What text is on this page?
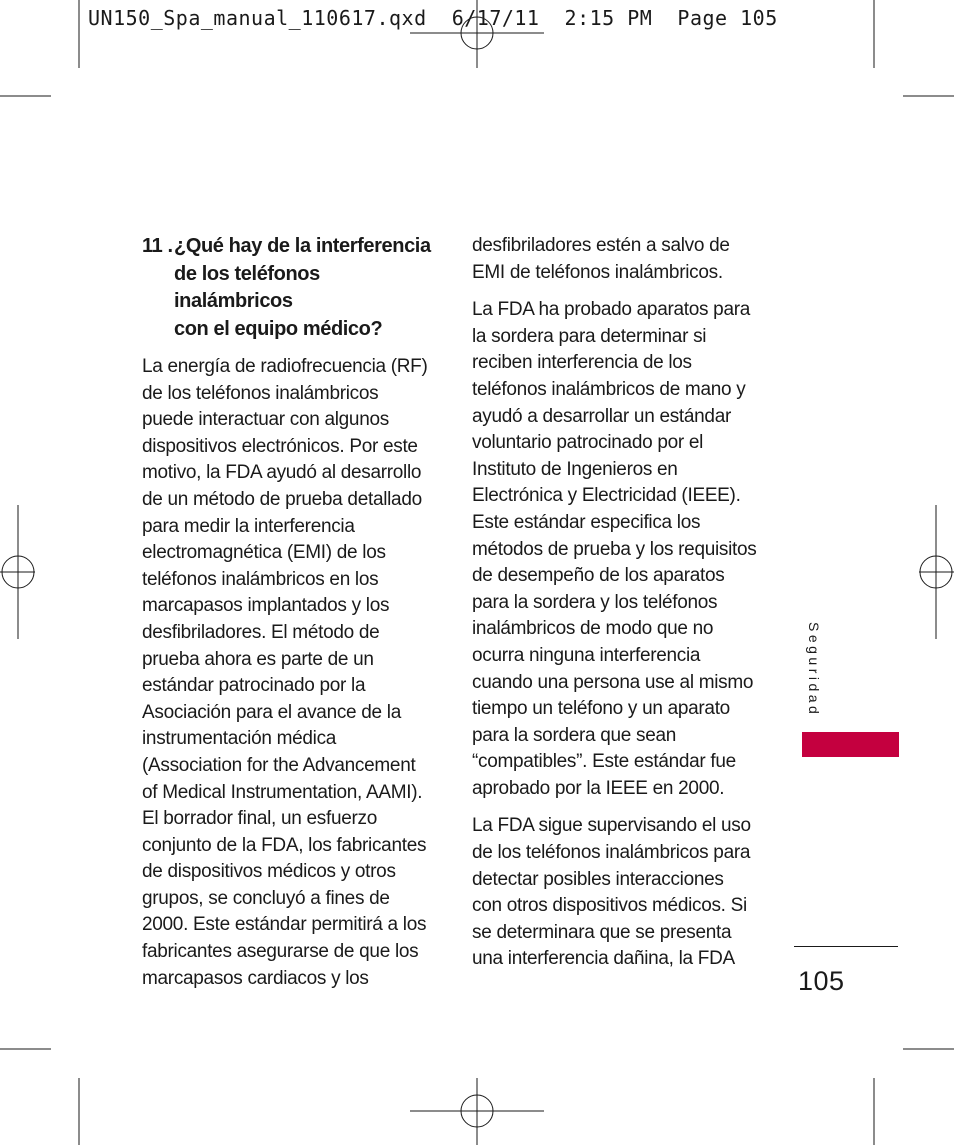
UN150_Spa_manual_110617.qxd  6/17/11  2:15 PM  Page 105
11 . ¿Qué hay de la interferencia
de los teléfonos inalámbricos
con el equipo médico?

La energía de radiofrecuencia (RF)
de los teléfonos inalámbricos
puede interactuar con algunos
dispositivos electrónicos. Por este
motivo, la FDA ayudó al desarrollo
de un método de prueba detallado
para medir la interferencia
electromagnética (EMI) de los
teléfonos inalámbricos en los
marcapasos implantados y los
desfibriladores. El método de
prueba ahora es parte de un
estándar patrocinado por la
Asociación para el avance de la
instrumentación médica
(Association for the Advancement
of Medical Instrumentation, AAMI).
El borrador final, un esfuerzo
conjunto de la FDA, los fabricantes
de dispositivos médicos y otros
grupos, se concluyó a fines de
2000. Este estándar permitirá a los
fabricantes asegurarse de que los
marcapasos cardiacos y los

desfibriladores estén a salvo de
EMI de teléfonos inalámbricos.

La FDA ha probado aparatos para
la sordera para determinar si
reciben interferencia de los
teléfonos inalámbricos de mano y
ayudó a desarrollar un estándar
voluntario patrocinado por el
Instituto de Ingenieros en
Electrónica y Electricidad (IEEE).
Este estándar especifica los
métodos de prueba y los requisitos
de desempeño de los aparatos
para la sordera y los teléfonos
inalámbricos de modo que no
ocurra ninguna interferencia
cuando una persona use al mismo
tiempo un teléfono y un aparato
para la sordera que sean
“compatibles”. Este estándar fue
aprobado por la IEEE en 2000.

La FDA sigue supervisando el uso
de los teléfonos inalámbricos para
detectar posibles interacciones
con otros dispositivos médicos. Si
se determinara que se presenta
una interferencia dañina, la FDA

Seguridad
105
